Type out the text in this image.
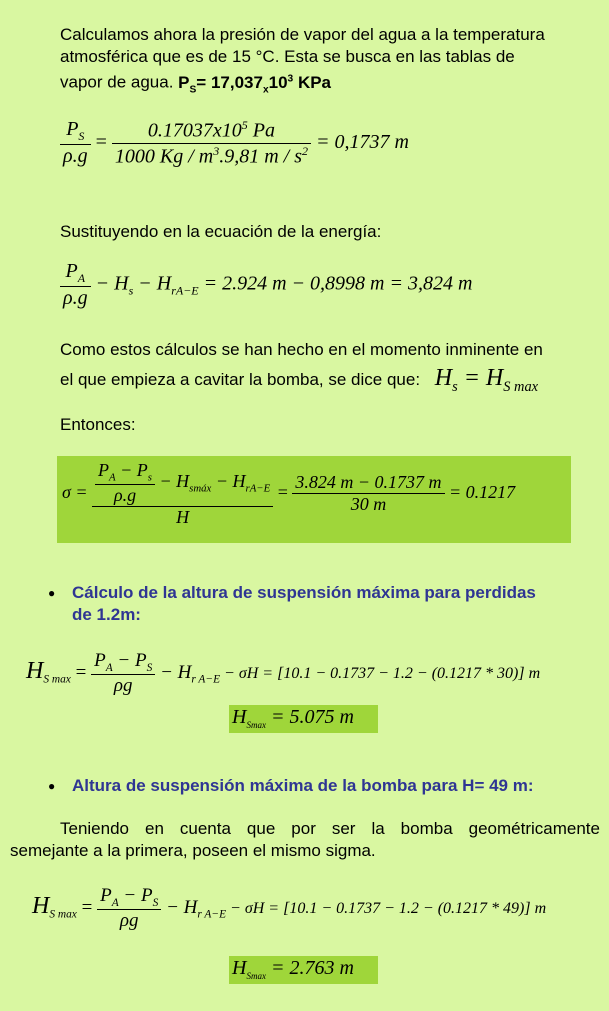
Calculamos ahora la presión de vapor del agua a la temperatura
atmosférica que es de 15 °C. Esta se busca en las tablas de
vapor de agua. $P_S= 17,037_x10^3$ KPa
$\frac{P_S}{\rho.g} = \frac{0.17037x10^5 Pa}{1000 Kg / m^3.9,81 m / s^2} = 0,1737$ m
Sustituyendo en la ecuación de la energía:
$\frac{P_A}{\rho.g} - H_s - H_{rA-E} = 2.924$ m − 0,8998 m = 3,824 m
Como estos cálculos se han hecho en el momento inminente en
el que empieza a cavitar la bomba, se dice que: $H_s = H_{S max}$
Entonces:
$\sigma = \frac{\frac{P_A - P_s}{\rho.g} - H_{smáx} - H_{rA-E}}{H} = \frac{3.824 m - 0.1737 m}{30 m} = 0.1217$
● Cálculo de la altura de suspensión máxima para perdidas
de 1.2m:
$H_{S max} = \frac{P_A - P_S}{\rho g} - H_{r A-E} - \sigma H = [10.1 - 0.1737 - 1.2 - (0.1217 * 30)]$ m
$H_{Smax} = 5.075$ m
● Altura de suspensión máxima de la bomba para H= 49 m:
Teniendo en cuenta que por ser la bomba geométricamente
semejante a la primera, poseen el mismo sigma.
$H_{S max} = \frac{P_A - P_S}{\rho g} - H_{r A-E} - \sigma H = [10.1 - 0.1737 - 1.2 - (0.1217 * 49)]$ m
$H_{Smax} = 2.763$ m
